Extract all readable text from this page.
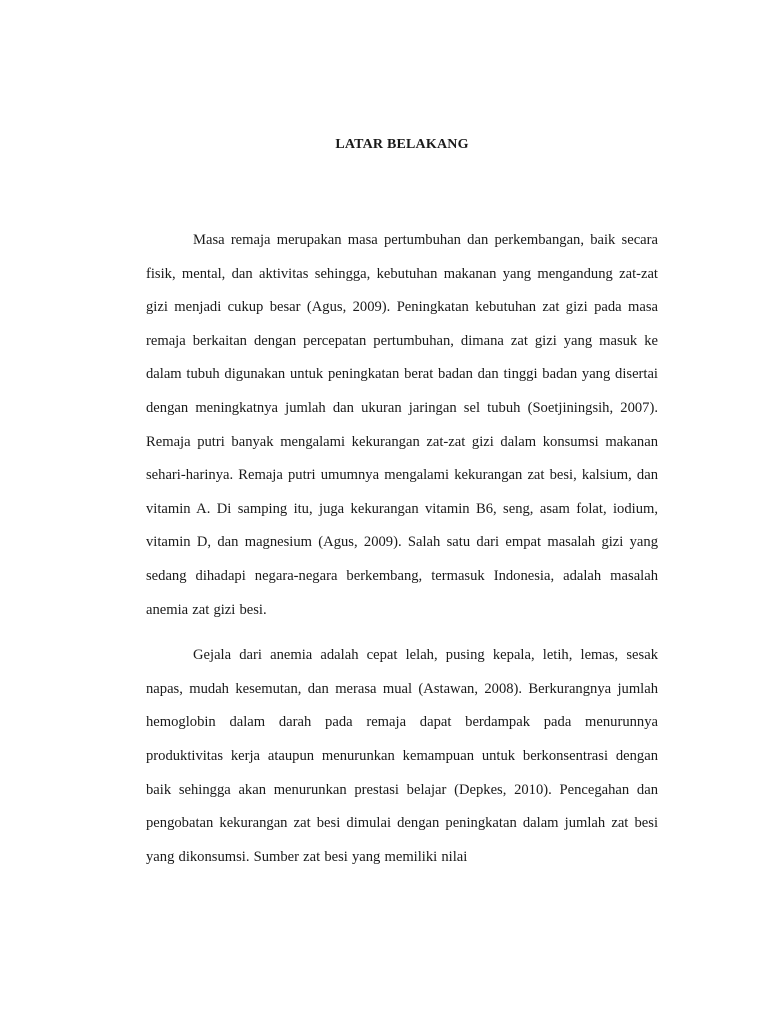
LATAR BELAKANG

Masa remaja merupakan masa pertumbuhan dan perkembangan, baik secara fisik, mental, dan aktivitas sehingga, kebutuhan makanan yang mengandung zat-zat gizi menjadi cukup besar (Agus, 2009). Peningkatan kebutuhan zat gizi pada masa remaja berkaitan dengan percepatan pertumbuhan, dimana zat gizi yang masuk ke dalam tubuh digunakan untuk peningkatan berat badan dan tinggi badan yang disertai dengan meningkatnya jumlah dan ukuran jaringan sel tubuh (Soetjiningsih, 2007). Remaja putri banyak mengalami kekurangan zat-zat gizi dalam konsumsi makanan sehari-harinya. Remaja putri umumnya mengalami kekurangan zat besi, kalsium, dan vitamin A. Di samping itu, juga kekurangan vitamin B6, seng, asam folat, iodium, vitamin D, dan magnesium (Agus, 2009). Salah satu dari empat masalah gizi yang sedang dihadapi negara-negara berkembang, termasuk Indonesia, adalah masalah anemia zat gizi besi.

Gejala dari anemia adalah cepat lelah, pusing kepala, letih, lemas, sesak napas, mudah kesemutan, dan merasa mual (Astawan, 2008). Berkurangnya jumlah hemoglobin dalam darah pada remaja dapat berdampak pada menurunnya produktivitas kerja ataupun menurunkan kemampuan untuk berkonsentrasi dengan baik sehingga akan menurunkan prestasi belajar (Depkes, 2010). Pencegahan dan pengobatan kekurangan zat besi dimulai dengan peningkatan dalam jumlah zat besi yang dikonsumsi. Sumber zat besi yang memiliki nilai
